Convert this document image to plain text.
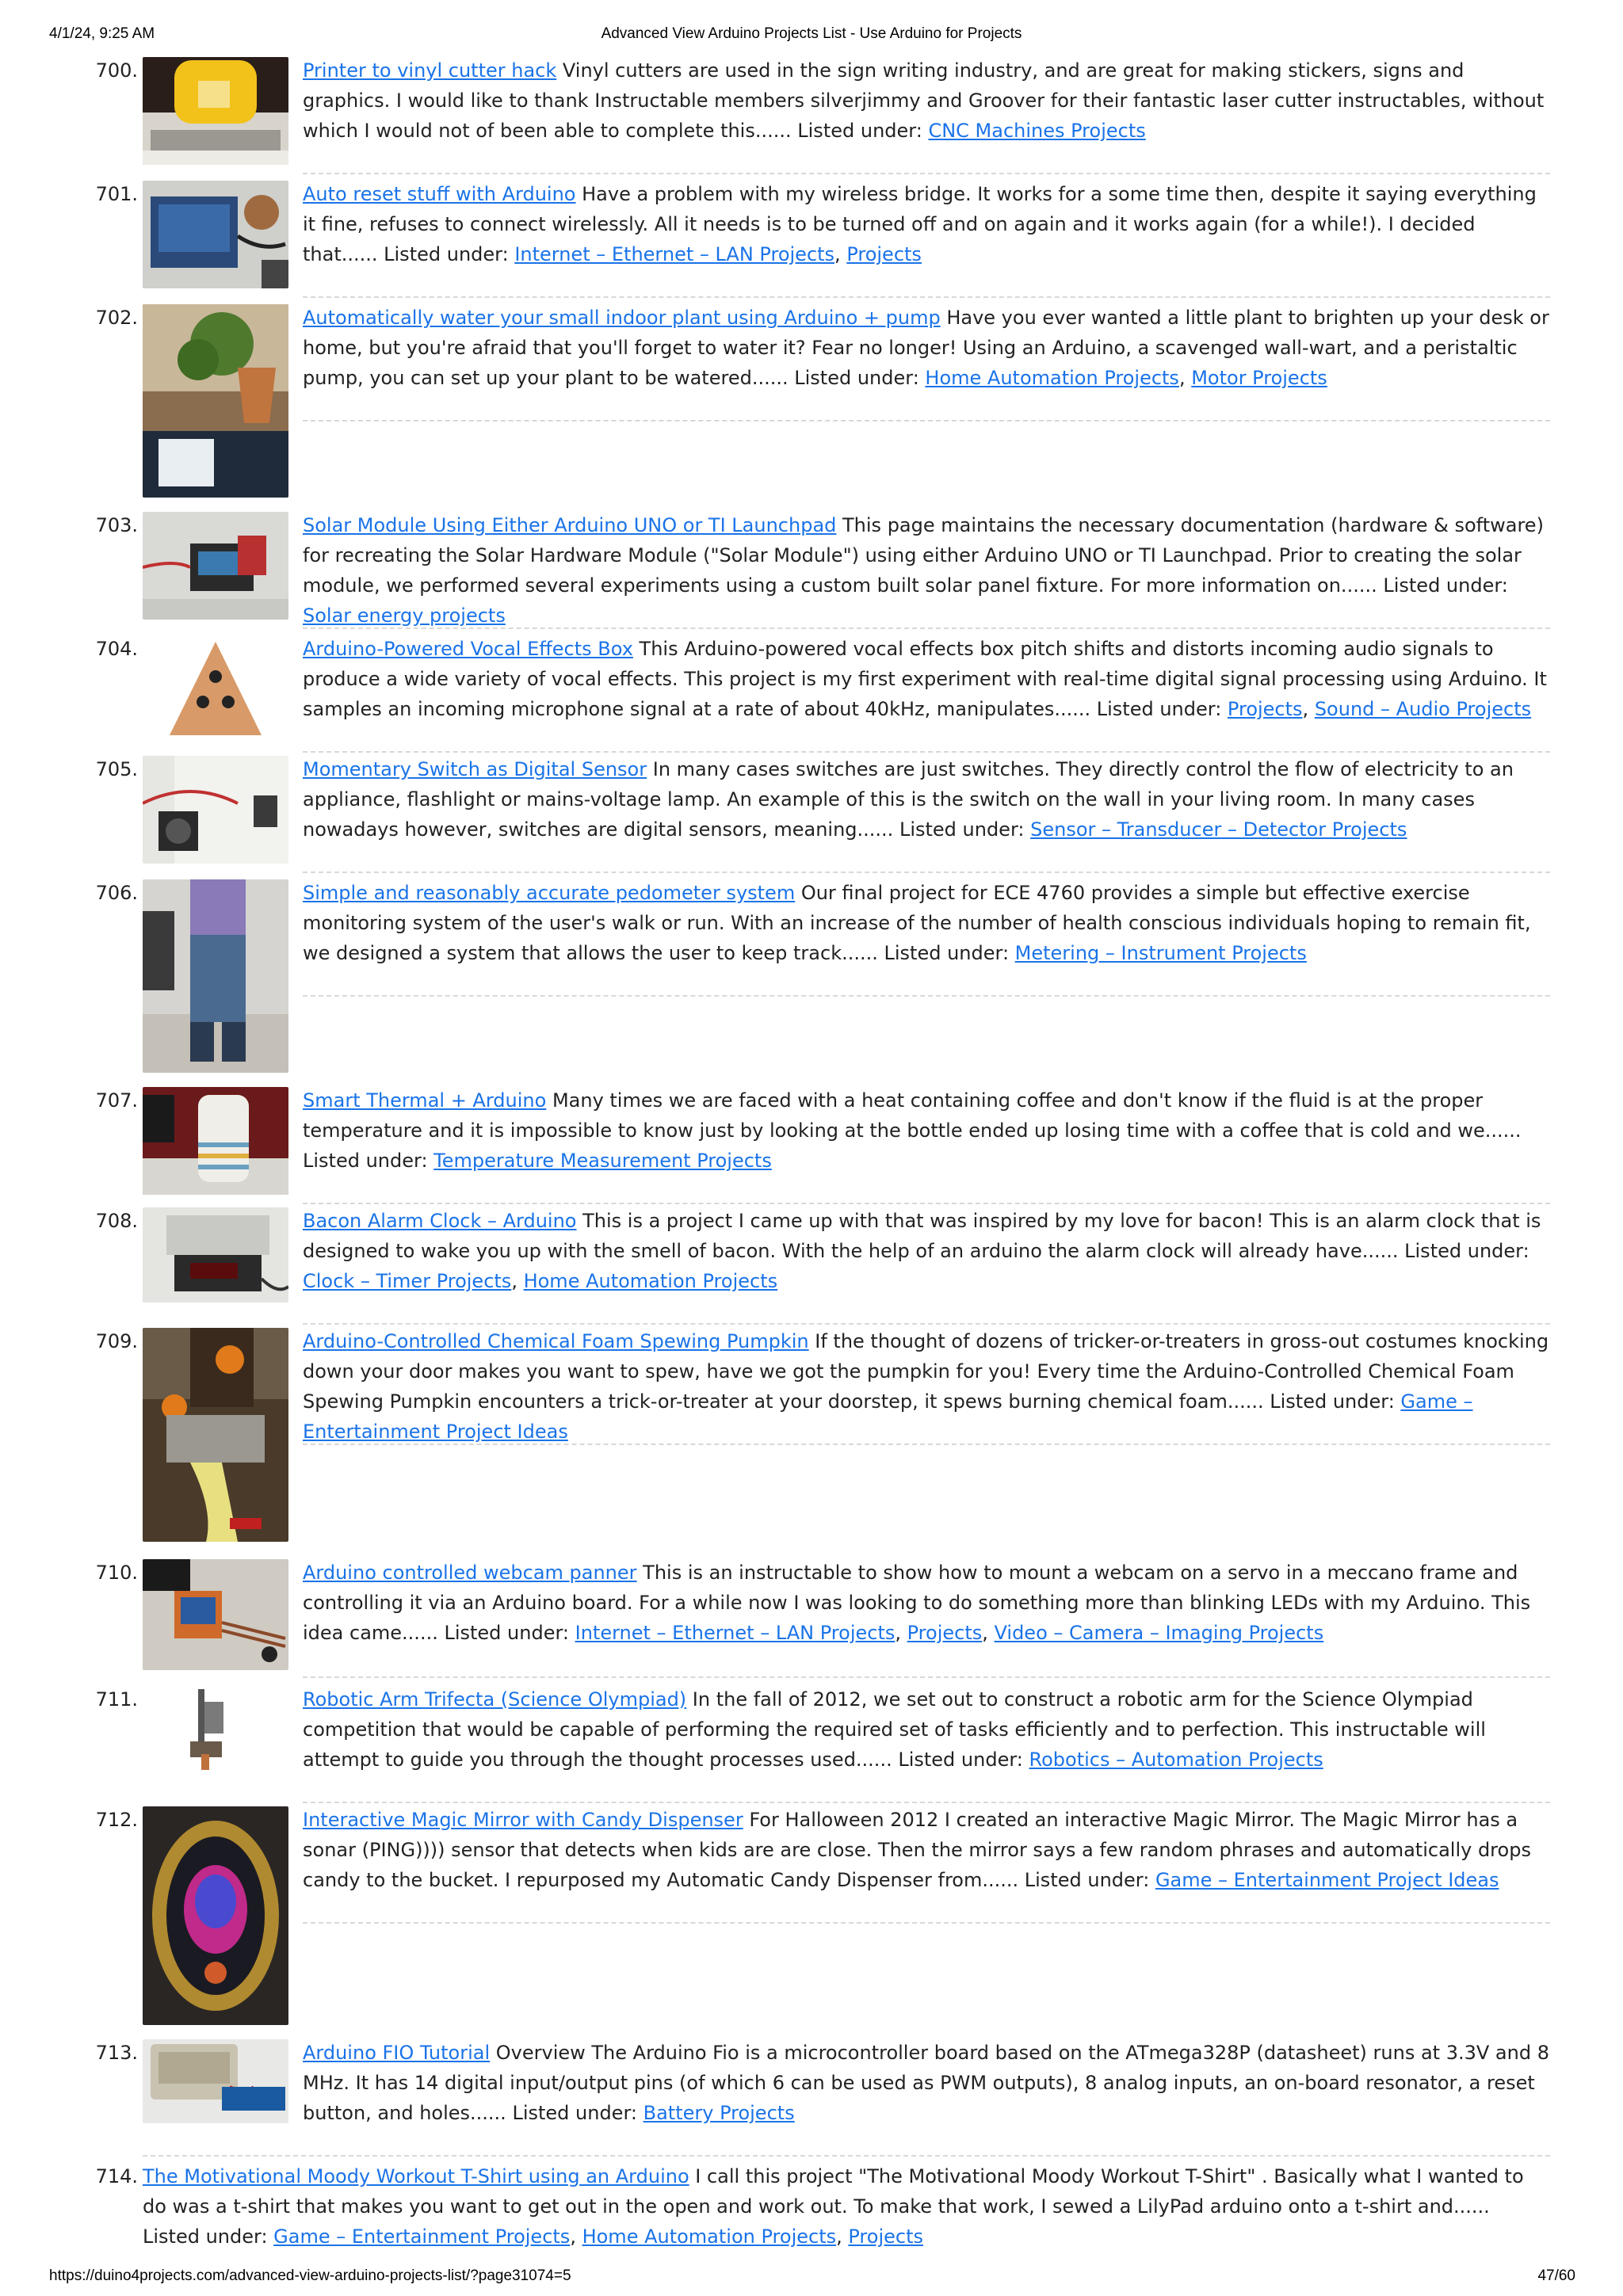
4/1/24, 9:25 AM	Advanced View Arduino Projects List - Use Arduino for Projects
700.	Printer to vinyl cutter hack Vinyl cutters are used in the sign writing industry, and are great for making stickers, signs and graphics. I would like to thank Instructable members silverjimmy and Groover for their fantastic laser cutter instructables, without which I would not of been able to complete this...... Listed under: CNC Machines Projects
701.	Auto reset stuff with Arduino Have a problem with my wireless bridge. It works for a some time then, despite it saying everything it fine, refuses to connect wirelessly. All it needs is to be turned off and on again and it works again (for a while!). I decided that...... Listed under: Internet – Ethernet – LAN Projects, Projects
702.	Automatically water your small indoor plant using Arduino + pump Have you ever wanted a little plant to brighten up your desk or home, but you're afraid that you'll forget to water it? Fear no longer! Using an Arduino, a scavenged wall-wart, and a peristaltic pump, you can set up your plant to be watered...... Listed under: Home Automation Projects, Motor Projects
703.	Solar Module Using Either Arduino UNO or TI Launchpad This page maintains the necessary documentation (hardware & software) for recreating the Solar Hardware Module ("Solar Module") using either Arduino UNO or TI Launchpad. Prior to creating the solar module, we performed several experiments using a custom built solar panel fixture. For more information on...... Listed under: Solar energy projects
704.	Arduino-Powered Vocal Effects Box This Arduino-powered vocal effects box pitch shifts and distorts incoming audio signals to produce a wide variety of vocal effects. This project is my first experiment with real-time digital signal processing using Arduino. It samples an incoming microphone signal at a rate of about 40kHz, manipulates...... Listed under: Projects, Sound – Audio Projects
705.	Momentary Switch as Digital Sensor In many cases switches are just switches. They directly control the flow of electricity to an appliance, flashlight or mains-voltage lamp. An example of this is the switch on the wall in your living room. In many cases nowadays however, switches are digital sensors, meaning...... Listed under: Sensor – Transducer – Detector Projects
706.	Simple and reasonably accurate pedometer system Our final project for ECE 4760 provides a simple but effective exercise monitoring system of the user's walk or run. With an increase of the number of health conscious individuals hoping to remain fit, we designed a system that allows the user to keep track...... Listed under: Metering – Instrument Projects
707.	Smart Thermal + Arduino Many times we are faced with a heat containing coffee and don't know if the fluid is at the proper temperature and it is impossible to know just by looking at the bottle ended up losing time with a coffee that is cold and we...... Listed under: Temperature Measurement Projects
708.	Bacon Alarm Clock – Arduino This is a project I came up with that was inspired by my love for bacon! This is an alarm clock that is designed to wake you up with the smell of bacon. With the help of an arduino the alarm clock will already have...... Listed under: Clock – Timer Projects, Home Automation Projects
709.	Arduino-Controlled Chemical Foam Spewing Pumpkin If the thought of dozens of tricker-or-treaters in gross-out costumes knocking down your door makes you want to spew, have we got the pumpkin for you! Every time the Arduino-Controlled Chemical Foam Spewing Pumpkin encounters a trick-or-treater at your doorstep, it spews burning chemical foam...... Listed under: Game – Entertainment Project Ideas
710.	Arduino controlled webcam panner This is an instructable to show how to mount a webcam on a servo in a meccano frame and controlling it via an Arduino board. For a while now I was looking to do something more than blinking LEDs with my Arduino. This idea came...... Listed under: Internet – Ethernet – LAN Projects, Projects, Video – Camera – Imaging Projects
711.	Robotic Arm Trifecta (Science Olympiad) In the fall of 2012, we set out to construct a robotic arm for the Science Olympiad competition that would be capable of performing the required set of tasks efficiently and to perfection. This instructable will attempt to guide you through the thought processes used...... Listed under: Robotics – Automation Projects
712.	Interactive Magic Mirror with Candy Dispenser For Halloween 2012 I created an interactive Magic Mirror. The Magic Mirror has a sonar (PING)))) sensor that detects when kids are are close. Then the mirror says a few random phrases and automatically drops candy to the bucket. I repurposed my Automatic Candy Dispenser from...... Listed under: Game – Entertainment Project Ideas
713.	Arduino FIO Tutorial Overview The Arduino Fio is a microcontroller board based on the ATmega328P (datasheet) runs at 3.3V and 8 MHz. It has 14 digital input/output pins (of which 6 can be used as PWM outputs), 8 analog inputs, an on-board resonator, a reset button, and holes...... Listed under: Battery Projects
714. The Motivational Moody Workout T-Shirt using an Arduino I call this project "The Motivational Moody Workout T-Shirt" . Basically what I wanted to do was a t-shirt that makes you want to get out in the open and work out. To make that work, I sewed a LilyPad arduino onto a t-shirt and...... Listed under: Game – Entertainment Projects, Home Automation Projects, Projects
https://duino4projects.com/advanced-view-arduino-projects-list/?page31074=5	47/60
